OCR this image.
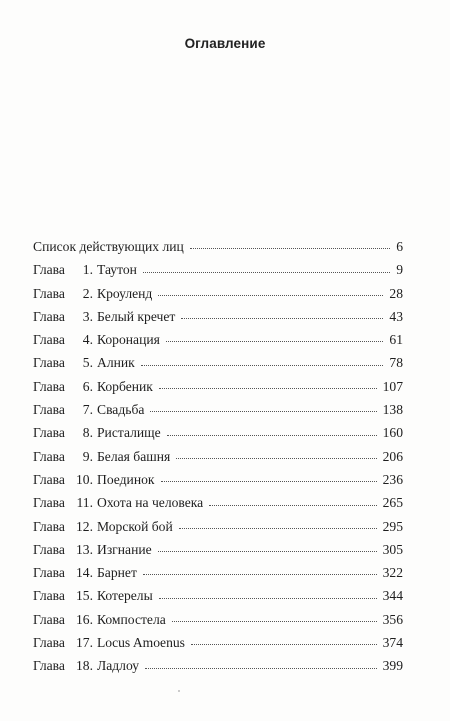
Оглавление
Список действующих лиц	6
Глава 1. Таутон	9
Глава 2. Кроуленд	28
Глава 3. Белый кречет	43
Глава 4. Коронация	61
Глава 5. Алник	78
Глава 6. Корбеник	107
Глава 7. Свадьба	138
Глава 8. Ристалище	160
Глава 9. Белая башня	206
Глава 10. Поединок	236
Глава 11. Охота на человека	265
Глава 12. Морской бой	295
Глава 13. Изгнание	305
Глава 14. Барнет	322
Глава 15. Котерелы	344
Глава 16. Компостела	356
Глава 17. Locus Amoenus	374
Глава 18. Ладлоу	399
